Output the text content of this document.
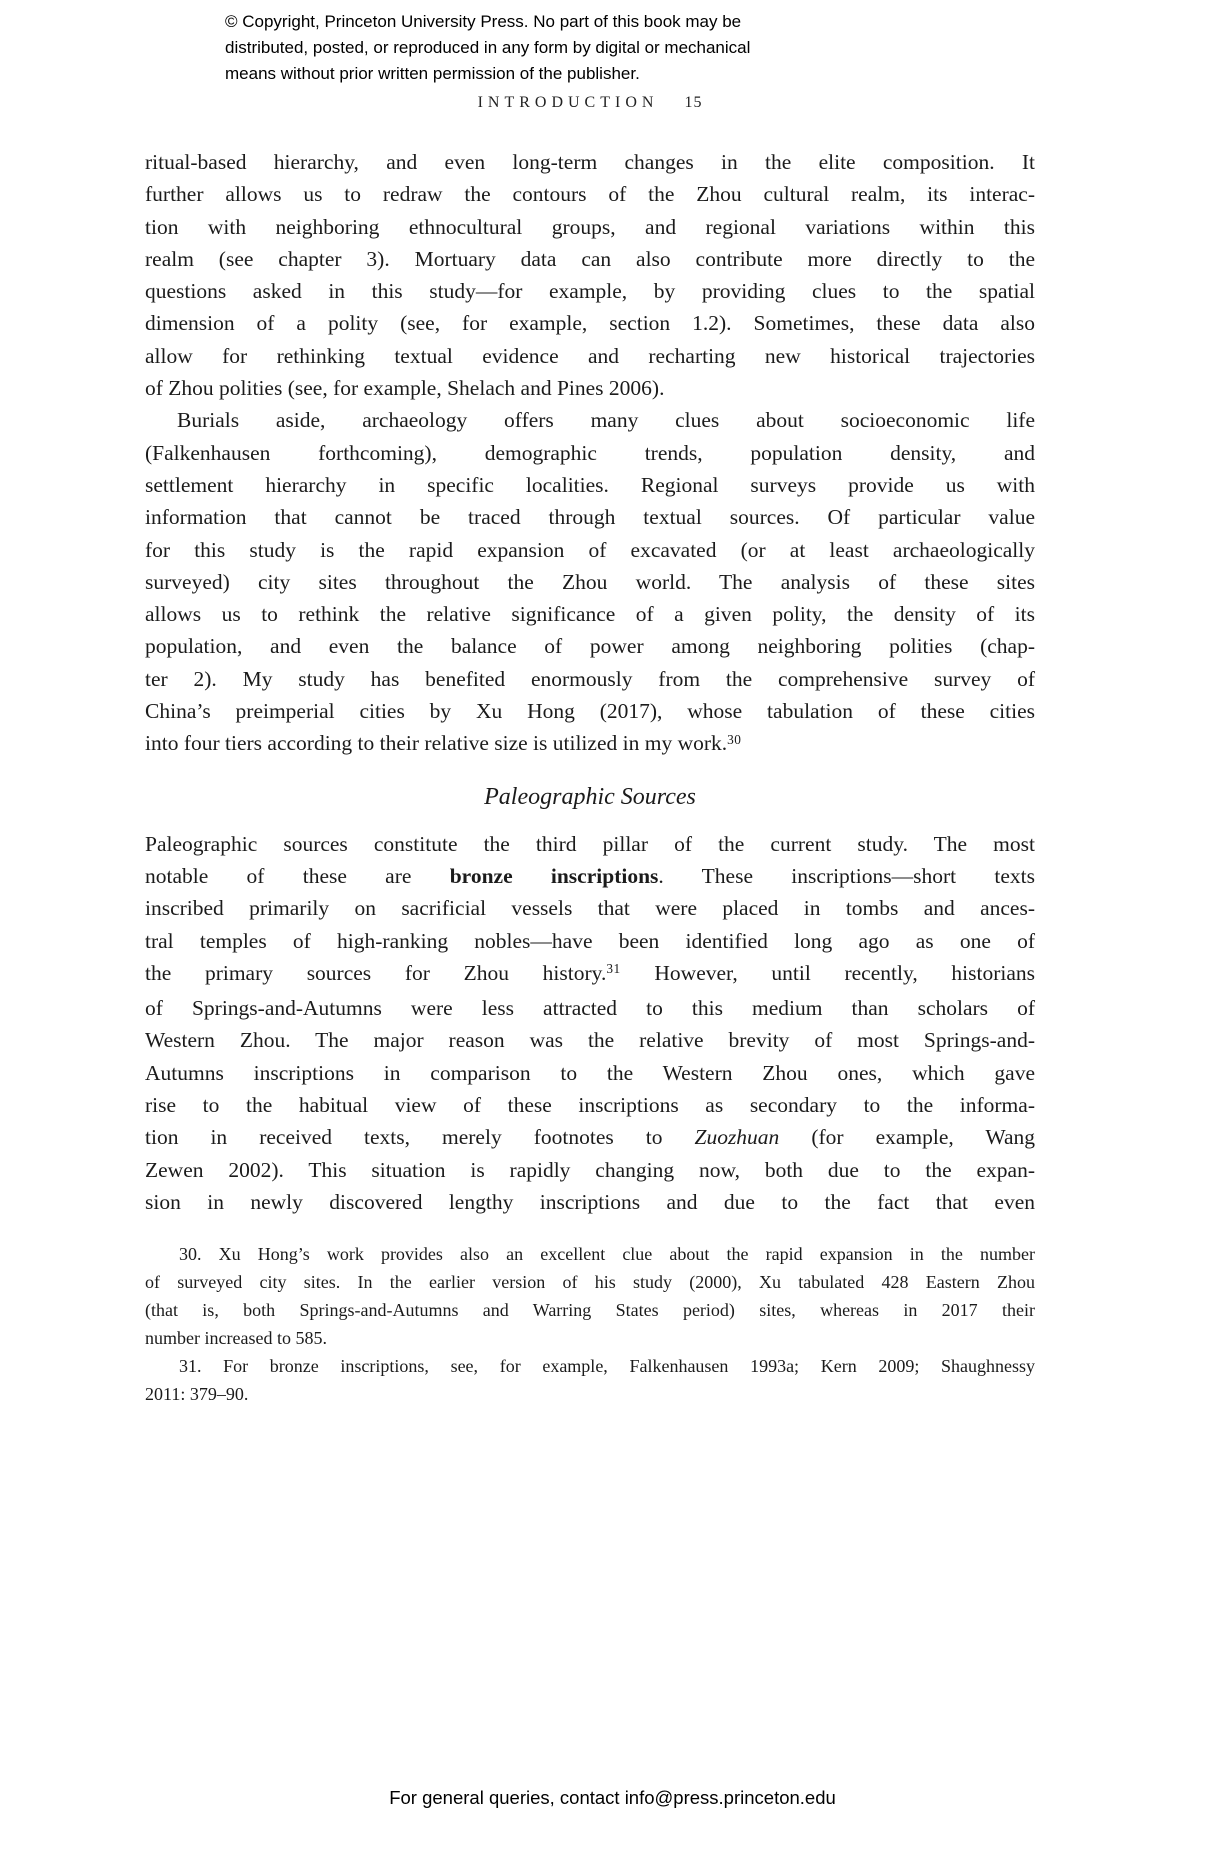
© Copyright, Princeton University Press. No part of this book may be
distributed, posted, or reproduced in any form by digital or mechanical
means without prior written permission of the publisher.
INTRODUCTION 15
ritual-based hierarchy, and even long-term changes in the elite composition. It
further allows us to redraw the contours of the Zhou cultural realm, its interac-
tion with neighboring ethnocultural groups, and regional variations within this
realm (see chapter 3). Mortuary data can also contribute more directly to the
questions asked in this study—for example, by providing clues to the spatial
dimension of a polity (see, for example, section 1.2). Sometimes, these data also
allow for rethinking textual evidence and recharting new historical trajectories
of Zhou polities (see, for example, Shelach and Pines 2006).
Burials aside, archaeology offers many clues about socioeconomic life
(Falkenhausen forthcoming), demographic trends, population density, and
settlement hierarchy in specific localities. Regional surveys provide us with
information that cannot be traced through textual sources. Of particular value
for this study is the rapid expansion of excavated (or at least archaeologically
surveyed) city sites throughout the Zhou world. The analysis of these sites
allows us to rethink the relative significance of a given polity, the density of its
population, and even the balance of power among neighboring polities (chap-
ter 2). My study has benefited enormously from the comprehensive survey of
China’s preimperial cities by Xu Hong (2017), whose tabulation of these cities
into four tiers according to their relative size is utilized in my work.$^{30}$
Paleographic Sources
Paleographic sources constitute the third pillar of the current study. The most
notable of these are bronze inscriptions. These inscriptions—short texts
inscribed primarily on sacrificial vessels that were placed in tombs and ances-
tral temples of high-ranking nobles—have been identified long ago as one of
the primary sources for Zhou history.$^{31}$ However, until recently, historians
of Springs-and-Autumns were less attracted to this medium than scholars of
Western Zhou. The major reason was the relative brevity of most Springs-and-
Autumns inscriptions in comparison to the Western Zhou ones, which gave
rise to the habitual view of these inscriptions as secondary to the informa-
tion in received texts, merely footnotes to Zuozhuan (for example, Wang
Zewen 2002). This situation is rapidly changing now, both due to the expan-
sion in newly discovered lengthy inscriptions and due to the fact that even
30. Xu Hong’s work provides also an excellent clue about the rapid expansion in the number
of surveyed city sites. In the earlier version of his study (2000), Xu tabulated 428 Eastern Zhou
(that is, both Springs-and-Autumns and Warring States period) sites, whereas in 2017 their
number increased to 585.
31. For bronze inscriptions, see, for example, Falkenhausen 1993a; Kern 2009; Shaughnessy
2011: 379–90.
For general queries, contact info@press.princeton.edu
